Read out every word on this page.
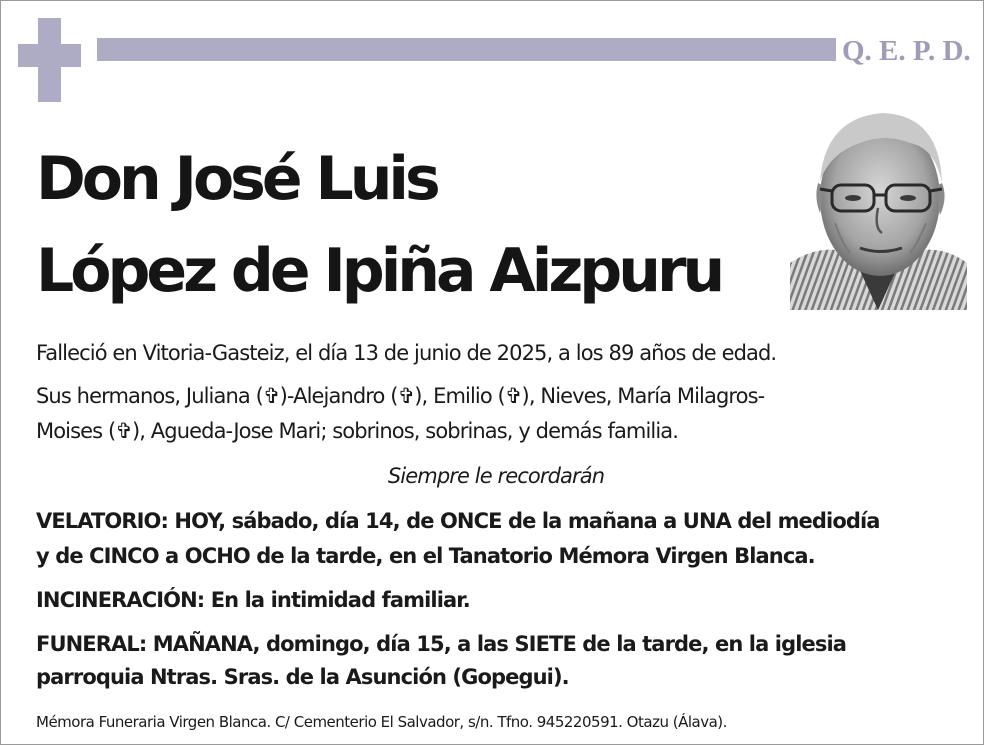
Q. E. P. D.
Don José Luis
López de Ipiña Aizpuru
Falleció en Vitoria-Gasteiz, el día 13 de junio de 2025, a los 89 años de edad.
Sus hermanos, Juliana (✞)-Alejandro (✞), Emilio (✞), Nieves, María Milagros-
Moises (✞), Agueda-Jose Mari; sobrinos, sobrinas, y demás familia.
Siempre le recordarán
VELATORIO: HOY, sábado, día 14, de ONCE de la mañana a UNA del mediodía
y de CINCO a OCHO de la tarde, en el Tanatorio Mémora Virgen Blanca.
INCINERACIÓN: En la intimidad familiar.
FUNERAL: MAÑANA, domingo, día 15, a las SIETE de la tarde, en la iglesia
parroquia Ntras. Sras. de la Asunción (Gopegui).
Mémora Funeraria Virgen Blanca. C/ Cementerio El Salvador, s/n. Tfno. 945220591. Otazu (Álava).
